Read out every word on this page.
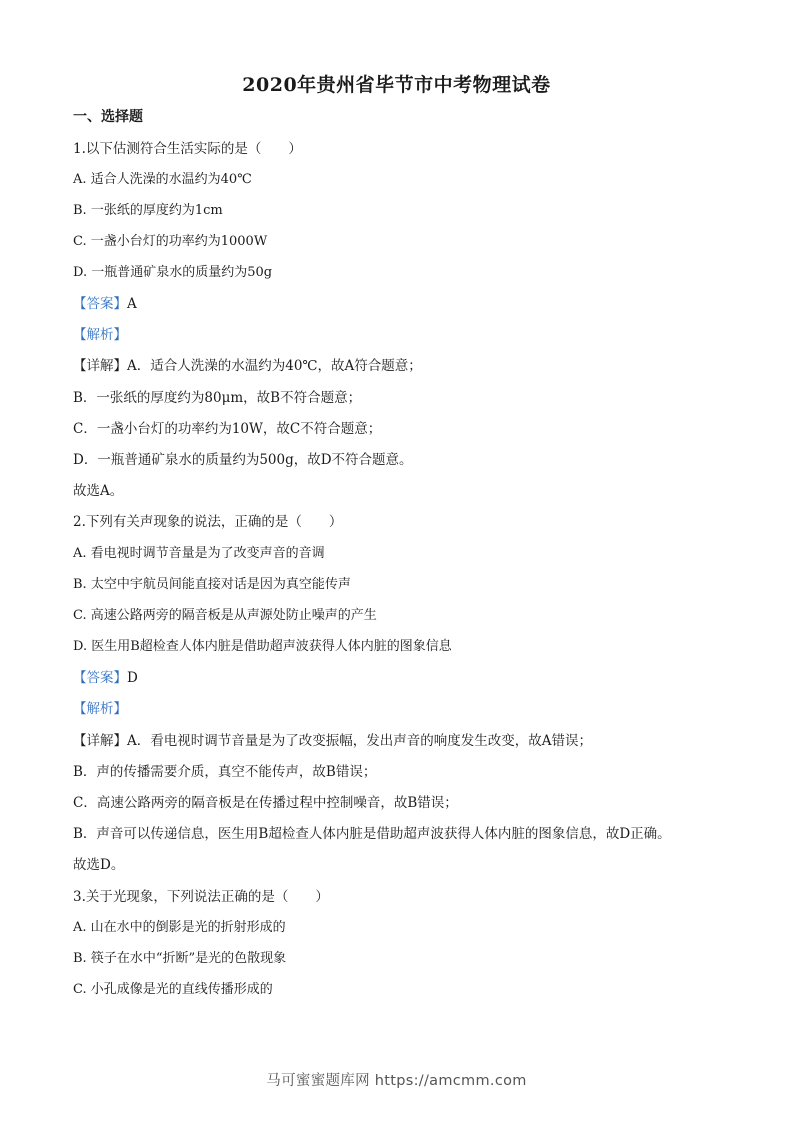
2020年贵州省毕节市中考物理试卷
一、选择题
1.以下估测符合生活实际的是（　　）
A. 适合人洗澡的水温约为40℃
B. 一张纸的厚度约为1cm
C. 一盏小台灯的功率约为1000W
D. 一瓶普通矿泉水的质量约为50g
【答案】A
【解析】
【详解】A．适合人洗澡的水温约为40℃，故A符合题意；
B．一张纸的厚度约为80μm，故B不符合题意；
C．一盏小台灯的功率约为10W，故C不符合题意；
D．一瓶普通矿泉水的质量约为500g，故D不符合题意。
故选A。
2.下列有关声现象的说法，正确的是（　　）
A. 看电视时调节音量是为了改变声音的音调
B. 太空中宇航员间能直接对话是因为真空能传声
C. 高速公路两旁的隔音板是从声源处防止噪声的产生
D. 医生用B超检查人体内脏是借助超声波获得人体内脏的图象信息
【答案】D
【解析】
【详解】A．看电视时调节音量是为了改变振幅，发出声音的响度发生改变，故A错误；
B．声的传播需要介质，真空不能传声，故B错误；
C．高速公路两旁的隔音板是在传播过程中控制噪音，故B错误；
B．声音可以传递信息，医生用B超检查人体内脏是借助超声波获得人体内脏的图象信息，故D正确。
故选D。
3.关于光现象，下列说法正确的是（　　）
A. 山在水中的倒影是光的折射形成的
B. 筷子在水中“折断”是光的色散现象
C. 小孔成像是光的直线传播形成的
马可蜜蜜题库网 https://amcmm.com
